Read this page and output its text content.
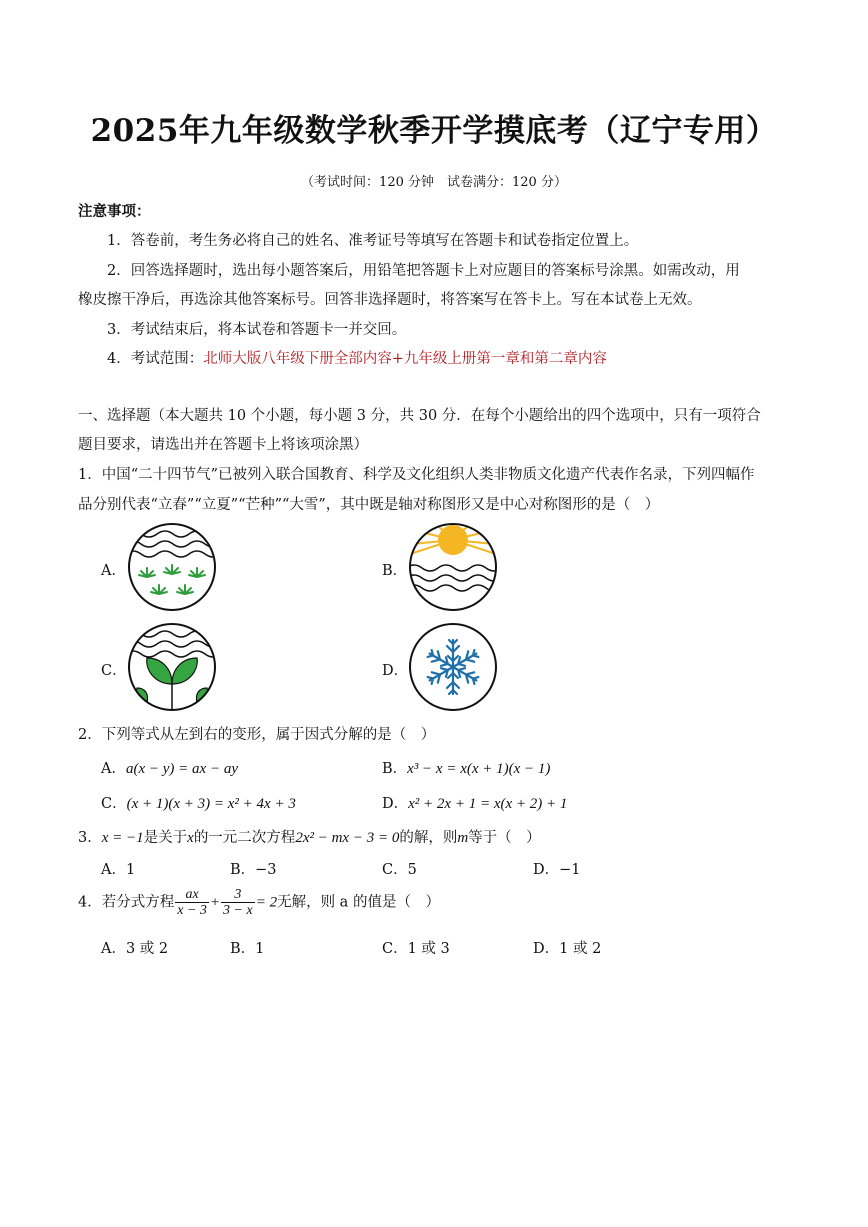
2025年九年级数学秋季开学摸底考（辽宁专用）
（考试时间：120 分钟　试卷满分：120 分）
注意事项：
1．答卷前，考生务必将自己的姓名、准考证号等填写在答题卡和试卷指定位置上。
2．回答选择题时，选出每小题答案后，用铅笔把答题卡上对应题目的答案标号涂黑。如需改动，用
橡皮擦干净后，再选涂其他答案标号。回答非选择题时，将答案写在答卡上。写在本试卷上无效。
3．考试结束后，将本试卷和答题卡一并交回。
4．考试范围：北师大版八年级下册全部内容+九年级上册第一章和第二章内容
一、选择题（本大题共 10 个小题，每小题 3 分，共 30 分．在每个小题给出的四个选项中，只有一项符合
题目要求，请选出并在答题卡上将该项涂黑）
1．中国“二十四节气”已被列入联合国教育、科学及文化组织人类非物质文化遗产代表作名录，下列四幅作
品分别代表“立春”“立夏”“芒种”“大雪”，其中既是轴对称图形又是中心对称图形的是（　）
A．	B．
C．	D．
2．下列等式从左到右的变形，属于因式分解的是（　）
A．a(x − y) = ax − ay	B．x³ − x = x(x + 1)(x − 1)
C．(x + 1)(x + 3) = x² + 4x + 3	D．x² + 2x + 1 = x(x + 2) + 1
3．x = −1是关于x的一元二次方程2x² − mx − 3 = 0的解，则m等于（　）
A．1	B．−3	C．5	D．−1
4．若分式方程 $\frac{ax}{x - 3} + \frac{3}{3 - x} = 2$无解，则 a 的值是（　）
A．3 或 2	B．1	C．1 或 3	D．1 或 2
